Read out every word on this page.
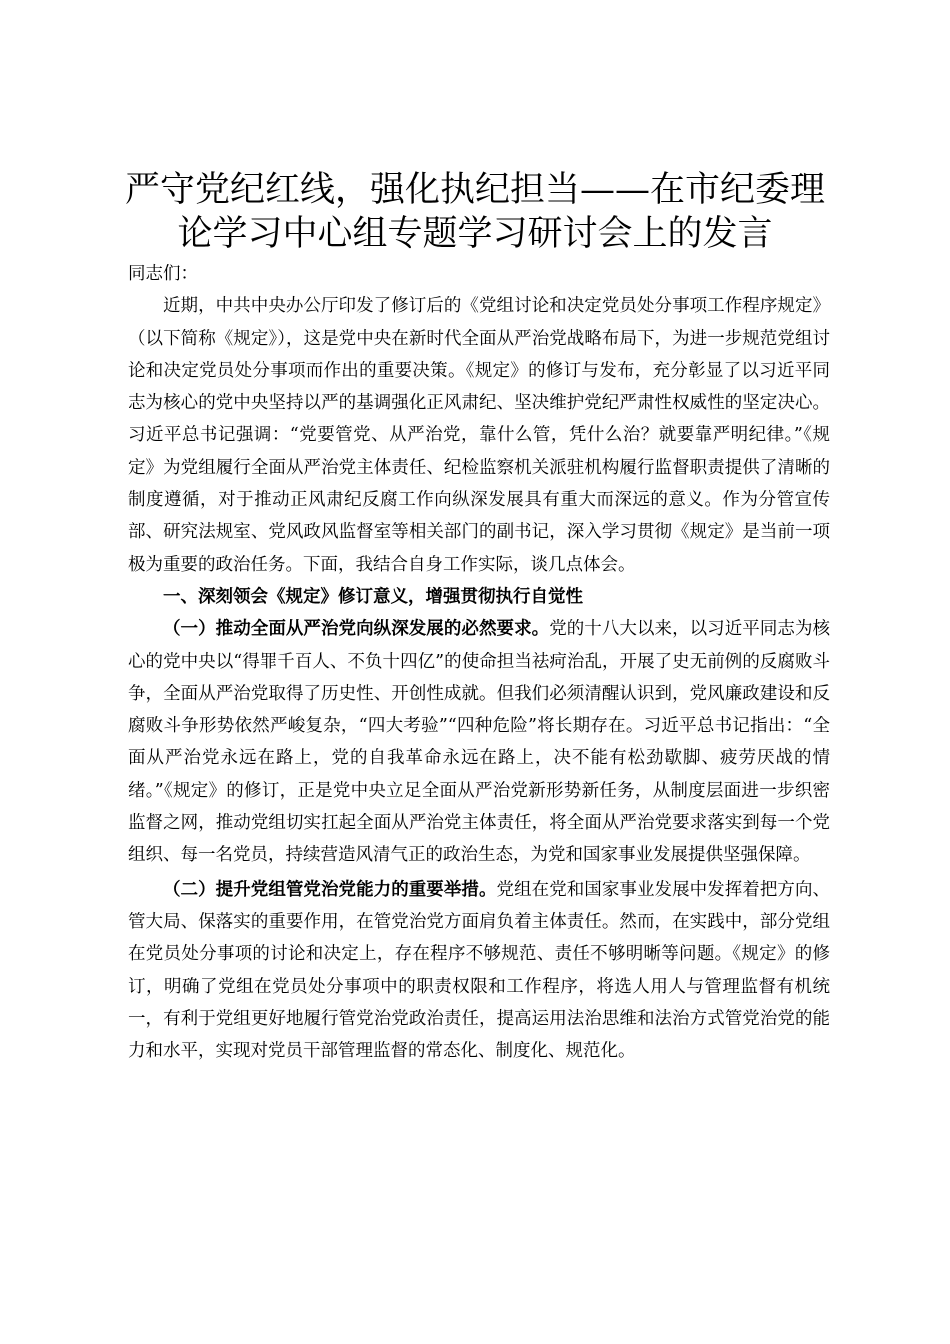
严守党纪红线，强化执纪担当——在市纪委理
论学习中心组专题学习研讨会上的发言

同志们：

近期，中共中央办公厅印发了修订后的《党组讨论和决定党员处分事项工作程序规定》（以下简称《规定》），这是党中央在新时代全面从严治党战略布局下，为进一步规范党组讨论和决定党员处分事项而作出的重要决策。《规定》的修订与发布，充分彰显了以习近平同志为核心的党中央坚持以严的基调强化正风肃纪、坚决维护党纪严肃性权威性的坚定决心。习近平总书记强调：“党要管党、从严治党，靠什么管，凭什么治？就要靠严明纪律。”《规定》为党组履行全面从严治党主体责任、纪检监察机关派驻机构履行监督职责提供了清晰的制度遵循，对于推动正风肃纪反腐工作向纵深发展具有重大而深远的意义。作为分管宣传部、研究法规室、党风政风监督室等相关部门的副书记，深入学习贯彻《规定》是当前一项极为重要的政治任务。下面，我结合自身工作实际，谈几点体会。

一、深刻领会《规定》修订意义，增强贯彻执行自觉性

（一）推动全面从严治党向纵深发展的必然要求。党的十八大以来，以习近平同志为核心的党中央以“得罪千百人、不负十四亿”的使命担当祛疴治乱，开展了史无前例的反腐败斗争，全面从严治党取得了历史性、开创性成就。但我们必须清醒认识到，党风廉政建设和反腐败斗争形势依然严峻复杂，“四大考验”“四种危险”将长期存在。习近平总书记指出：“全面从严治党永远在路上，党的自我革命永远在路上，决不能有松劲歇脚、疲劳厌战的情绪。”《规定》的修订，正是党中央立足全面从严治党新形势新任务，从制度层面进一步织密监督之网，推动党组切实扛起全面从严治党主体责任，将全面从严治党要求落实到每一个党组织、每一名党员，持续营造风清气正的政治生态，为党和国家事业发展提供坚强保障。

（二）提升党组管党治党能力的重要举措。党组在党和国家事业发展中发挥着把方向、管大局、保落实的重要作用，在管党治党方面肩负着主体责任。然而，在实践中，部分党组在党员处分事项的讨论和决定上，存在程序不够规范、责任不够明晰等问题。《规定》的修订，明确了党组在党员处分事项中的职责权限和工作程序，将选人用人与管理监督有机统一，有利于党组更好地履行管党治党政治责任，提高运用法治思维和法治方式管党治党的能力和水平，实现对党员干部管理监督的常态化、制度化、规范化。
